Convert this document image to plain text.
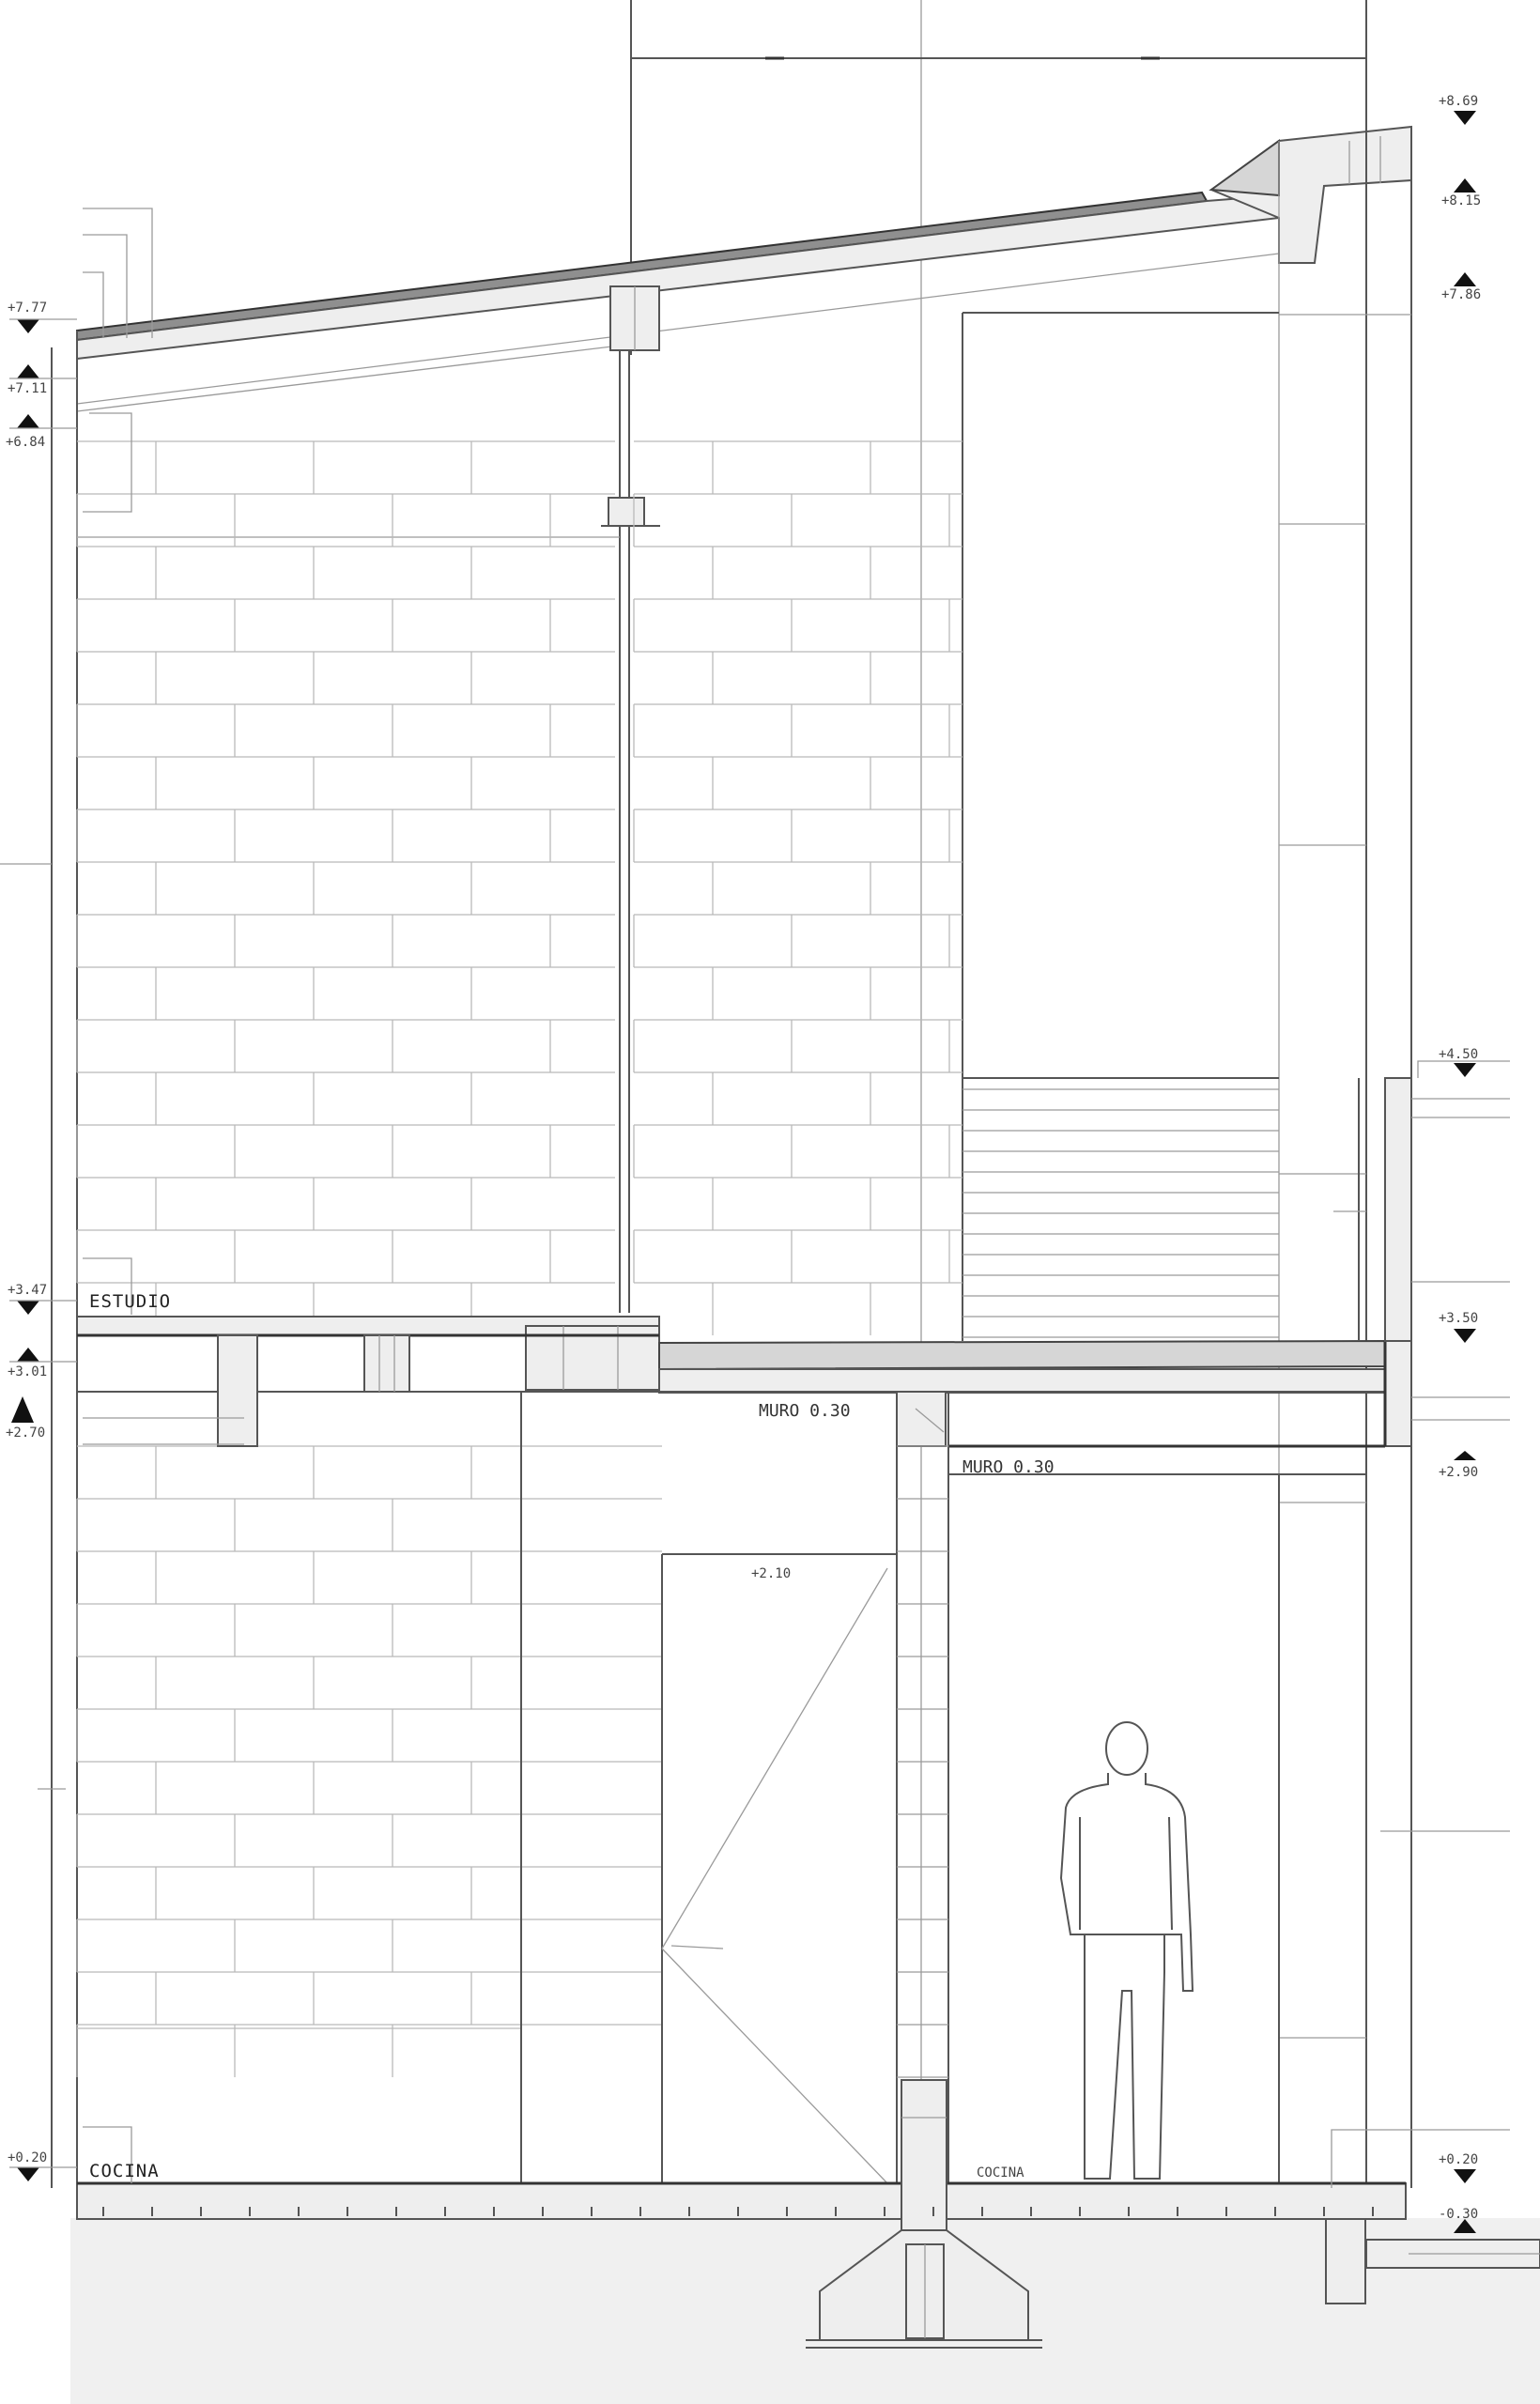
+7.77
+7.11
+6.84
+3.47
+3.01
+2.70
+0.20
+8.69
+8.15
+7.86
+4.50
+3.50
+2.90
+0.20
-0.30
ESTUDIO
COCINA	COCINA
MURO 0.30
MURO 0.30
+2.10
